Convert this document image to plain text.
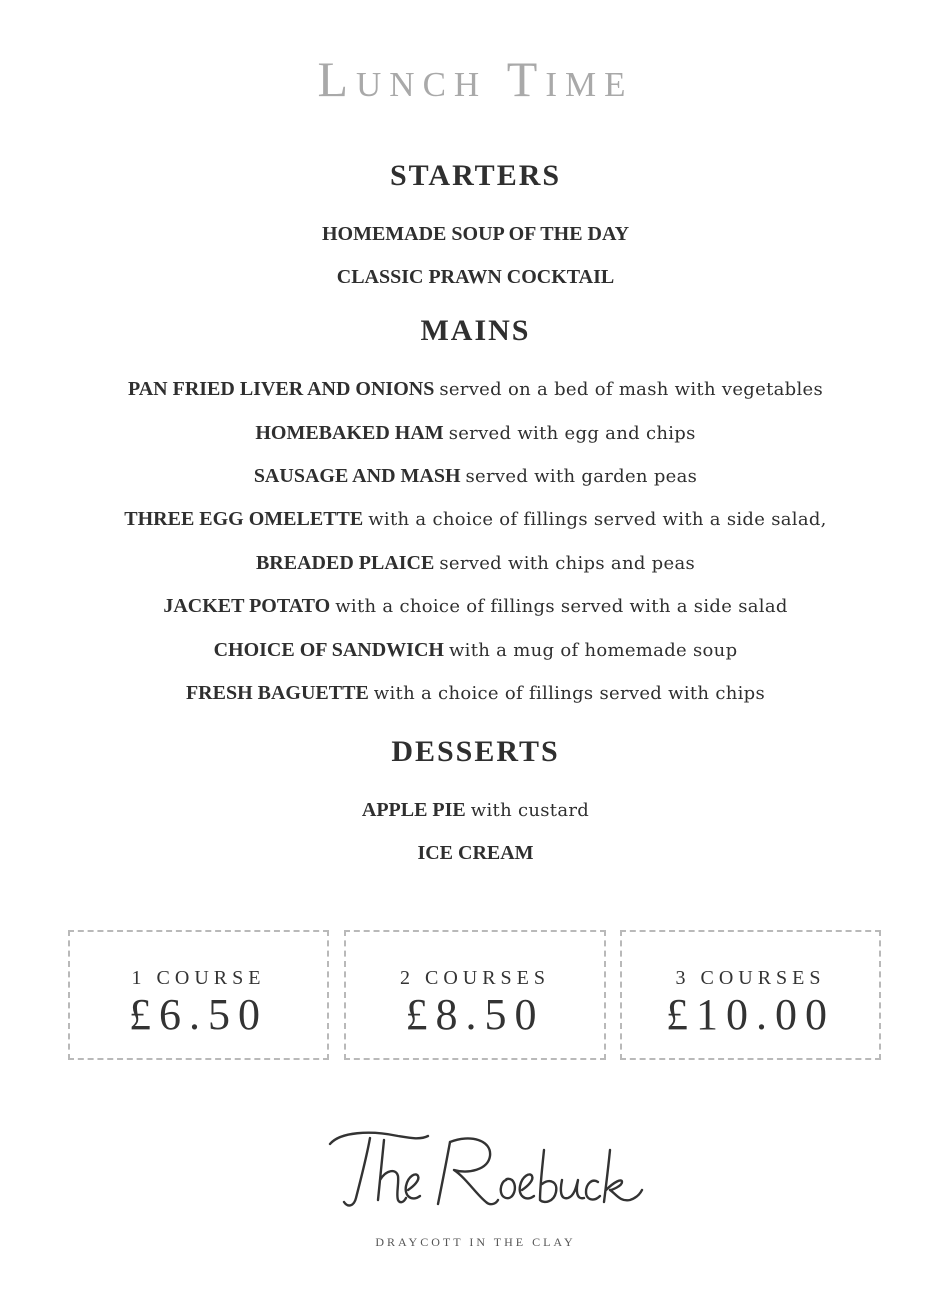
Lunch Time
STARTERS
HOMEMADE SOUP OF THE DAY
CLASSIC PRAWN COCKTAIL
MAINS
PAN FRIED LIVER AND ONIONS served on a bed of mash with vegetables
HOMEBAKED HAM served with egg and chips
SAUSAGE AND MASH served with garden peas
THREE EGG OMELETTE with a choice of fillings served with a side salad,
BREADED PLAICE served with chips and peas
JACKET POTATO with a choice of fillings served with a side salad
CHOICE OF SANDWICH with a mug of homemade soup
FRESH BAGUETTE with a choice of fillings served with chips
DESSERTS
APPLE PIE with custard
ICE CREAM
1 COURSE
£6.50
2 COURSES
£8.50
3 COURSES
£10.00
DRAYCOTT IN THE CLAY
